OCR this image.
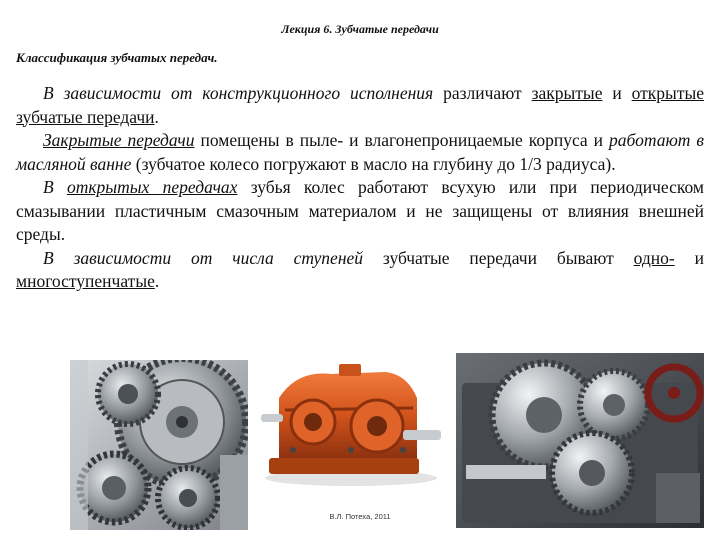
Лекция 6. Зубчатые передачи
Классификация зубчатых передач.

В зависимости от конструкционного исполнения различают закрытые и открытые зубчатые передачи.

Закрытые передачи помещены в пыле- и влагонепроницаемые корпуса и работают в масляной ванне (зубчатое колесо погружают в масло на глубину до 1/3 радиуса).

В открытых передачах зубья колес работают всухую или при периодическом смазывании пластичным смазочным материалом и не защищены от влияния внешней среды.

В зависимости от числа ступеней зубчатые передачи бывают одно- и многоступенчатые.

В.Л. Потеха, 2011
